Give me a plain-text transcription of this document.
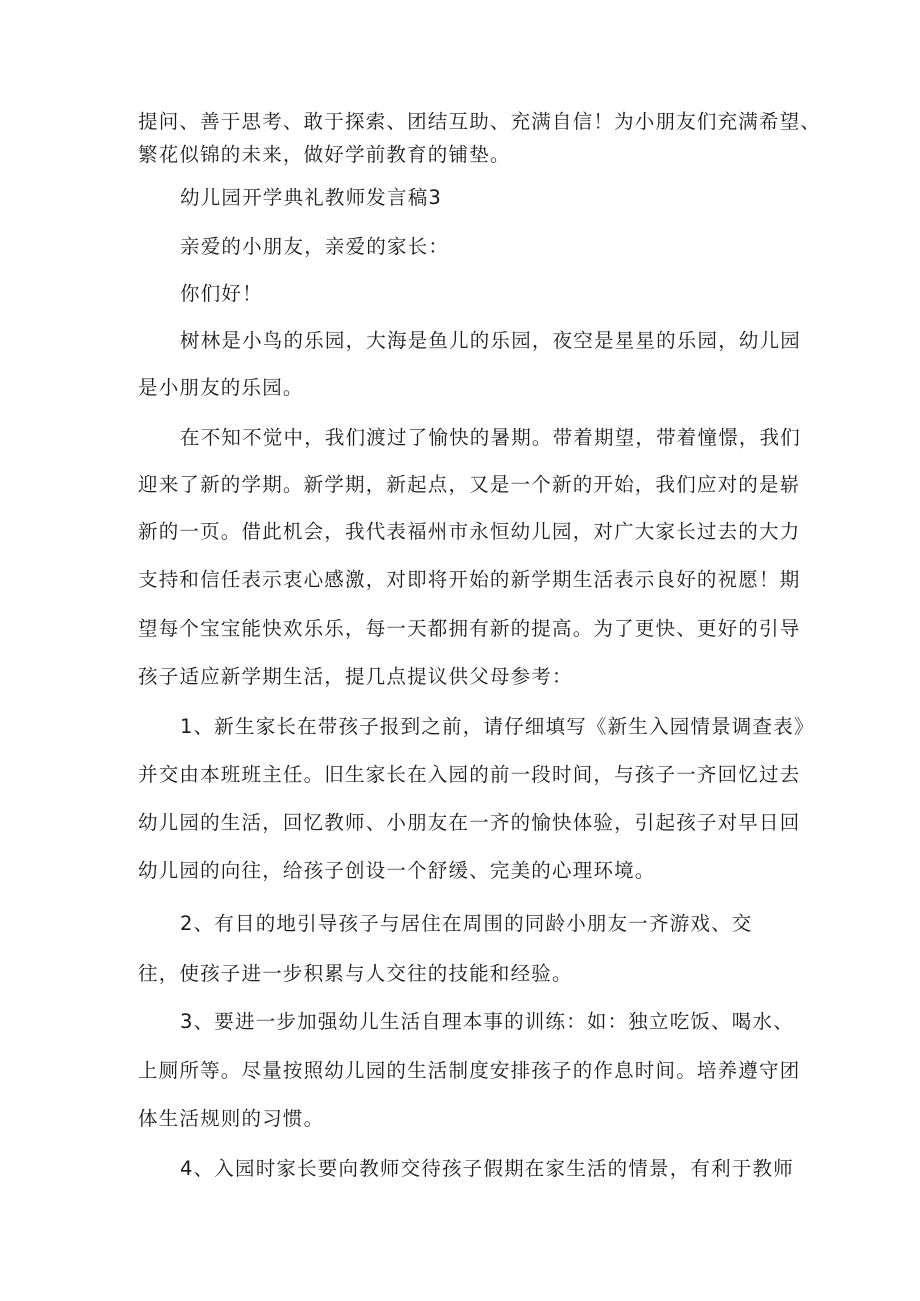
提问、善于思考、敢于探索、团结互助、充满自信！为小朋友们充满希望、
繁花似锦的未来，做好学前教育的铺垫。
幼儿园开学典礼教师发言稿3
亲爱的小朋友，亲爱的家长：
你们好！
树林是小鸟的乐园，大海是鱼儿的乐园，夜空是星星的乐园，幼儿园
是小朋友的乐园。
在不知不觉中，我们渡过了愉快的暑期。带着期望，带着憧憬，我们
迎来了新的学期。新学期，新起点，又是一个新的开始，我们应对的是崭
新的一页。借此机会，我代表福州市永恒幼儿园，对广大家长过去的大力
支持和信任表示衷心感激，对即将开始的新学期生活表示良好的祝愿！期
望每个宝宝能快欢乐乐，每一天都拥有新的提高。为了更快、更好的引导
孩子适应新学期生活，提几点提议供父母参考：
1、新生家长在带孩子报到之前，请仔细填写《新生入园情景调查表》
并交由本班班主任。旧生家长在入园的前一段时间，与孩子一齐回忆过去
幼儿园的生活，回忆教师、小朋友在一齐的愉快体验，引起孩子对早日回
幼儿园的向往，给孩子创设一个舒缓、完美的心理环境。
2、有目的地引导孩子与居住在周围的同龄小朋友一齐游戏、交
往，使孩子进一步积累与人交往的技能和经验。
3、要进一步加强幼儿生活自理本事的训练：如：独立吃饭、喝水、
上厕所等。尽量按照幼儿园的生活制度安排孩子的作息时间。培养遵守团
体生活规则的习惯。
4、入园时家长要向教师交待孩子假期在家生活的情景，有利于教师
